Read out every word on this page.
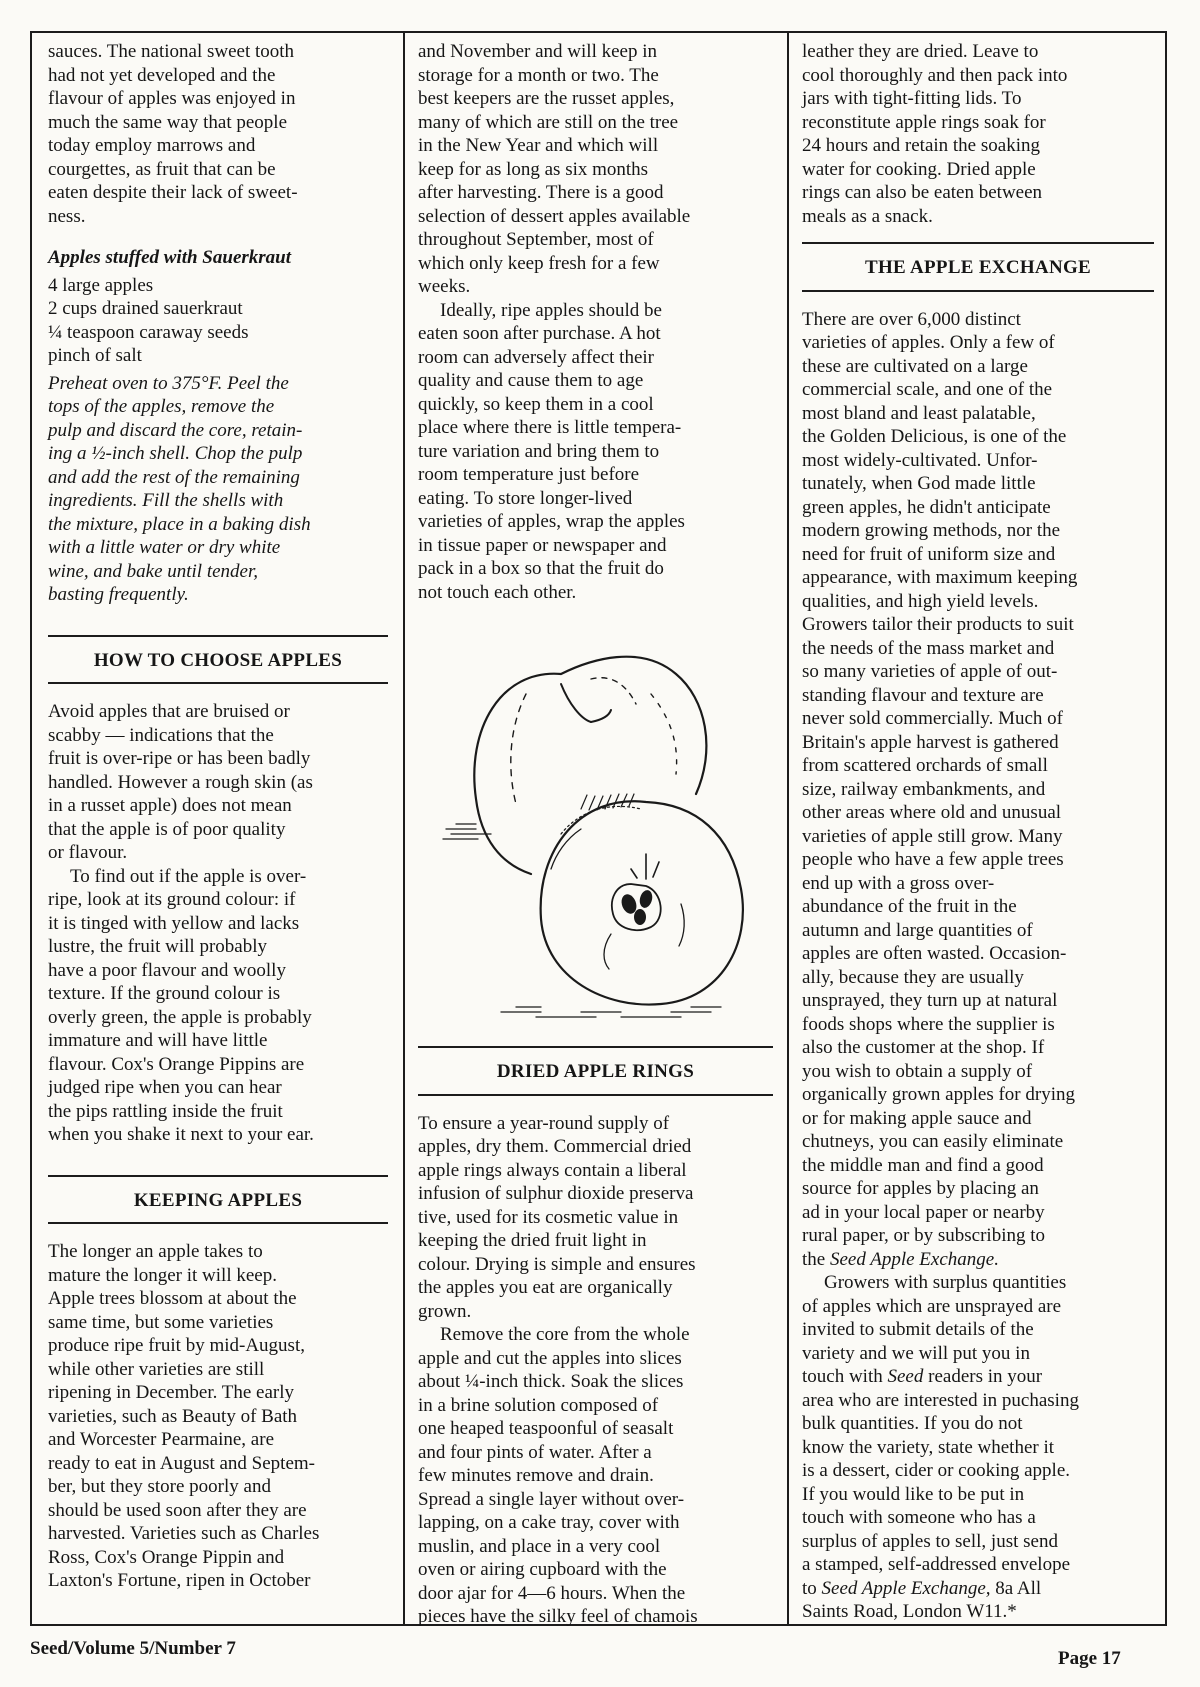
sauces. The national sweet tooth
had not yet developed and the
flavour of apples was enjoyed in
much the same way that people
today employ marrows and
courgettes, as fruit that can be
eaten despite their lack of sweet-
ness.

Apples stuffed with Sauerkraut

4 large apples
2 cups drained sauerkraut
¼ teaspoon caraway seeds
pinch of salt
Preheat oven to 375°F. Peel the
tops of the apples, remove the
pulp and discard the core, retain-
ing a ½-inch shell. Chop the pulp
and add the rest of the remaining
ingredients. Fill the shells with
the mixture, place in a baking dish
with a little water or dry white
wine, and bake until tender,
basting frequently.
HOW TO CHOOSE APPLES
Avoid apples that are bruised or
scabby — indications that the
fruit is over-ripe or has been badly
handled. However a rough skin (as
in a russet apple) does not mean
that the apple is of poor quality
or flavour.
To find out if the apple is over-
ripe, look at its ground colour: if
it is tinged with yellow and lacks
lustre, the fruit will probably
have a poor flavour and woolly
texture. If the ground colour is
overly green, the apple is probably
immature and will have little
flavour. Cox's Orange Pippins are
judged ripe when you can hear
the pips rattling inside the fruit
when you shake it next to your ear.
KEEPING APPLES
The longer an apple takes to
mature the longer it will keep.
Apple trees blossom at about the
same time, but some varieties
produce ripe fruit by mid-August,
while other varieties are still
ripening in December. The early
varieties, such as Beauty of Bath
and Worcester Pearmaine, are
ready to eat in August and Septem-
ber, but they store poorly and
should be used soon after they are
harvested. Varieties such as Charles
Ross, Cox's Orange Pippin and
Laxton's Fortune, ripen in October
and November and will keep in
storage for a month or two. The
best keepers are the russet apples,
many of which are still on the tree
in the New Year and which will
keep for as long as six months
after harvesting. There is a good
selection of dessert apples available
throughout September, most of
which only keep fresh for a few
weeks.
Ideally, ripe apples should be
eaten soon after purchase. A hot
room can adversely affect their
quality and cause them to age
quickly, so keep them in a cool
place where there is little tempera-
ture variation and bring them to
room temperature just before
eating. To store longer-lived
varieties of apples, wrap the apples
in tissue paper or newspaper and
pack in a box so that the fruit do
not touch each other.
DRIED APPLE RINGS
To ensure a year-round supply of
apples, dry them. Commercial dried
apple rings always contain a liberal
infusion of sulphur dioxide preserva
tive, used for its cosmetic value in
keeping the dried fruit light in
colour. Drying is simple and ensures
the apples you eat are organically
grown.
Remove the core from the whole
apple and cut the apples into slices
about ¼-inch thick. Soak the slices
in a brine solution composed of
one heaped teaspoonful of seasalt
and four pints of water. After a
few minutes remove and drain.
Spread a single layer without over-
lapping, on a cake tray, cover with
muslin, and place in a very cool
oven or airing cupboard with the
door ajar for 4—6 hours. When the
pieces have the silky feel of chamois
leather they are dried. Leave to
cool thoroughly and then pack into
jars with tight-fitting lids. To
reconstitute apple rings soak for
24 hours and retain the soaking
water for cooking. Dried apple
rings can also be eaten between
meals as a snack.
THE APPLE EXCHANGE
There are over 6,000 distinct
varieties of apples. Only a few of
these are cultivated on a large
commercial scale, and one of the
most bland and least palatable,
the Golden Delicious, is one of the
most widely-cultivated. Unfor-
tunately, when God made little
green apples, he didn't anticipate
modern growing methods, nor the
need for fruit of uniform size and
appearance, with maximum keeping
qualities, and high yield levels.
Growers tailor their products to suit
the needs of the mass market and
so many varieties of apple of out-
standing flavour and texture are
never sold commercially. Much of
Britain's apple harvest is gathered
from scattered orchards of small
size, railway embankments, and
other areas where old and unusual
varieties of apple still grow. Many
people who have a few apple trees
end up with a gross over-
abundance of the fruit in the
autumn and large quantities of
apples are often wasted. Occasion-
ally, because they are usually
unsprayed, they turn up at natural
foods shops where the supplier is
also the customer at the shop. If
you wish to obtain a supply of
organically grown apples for drying
or for making apple sauce and
chutneys, you can easily eliminate
the middle man and find a good
source for apples by placing an
ad in your local paper or nearby
rural paper, or by subscribing to

the Seed Apple Exchange.

Growers with surplus quantities

of apples which are unsprayed are

invited to submit details of the

variety and we will put you in

touch with Seed readers in your

area who are interested in puchasing
bulk quantities. If you do not
know the variety, state whether it
is a dessert, cider or cooking apple.
If you would like to be put in
touch with someone who has a
surplus of apples to sell, just send
a stamped, self-addressed envelope

to Seed Apple Exchange, 8a All

Saints Road, London W11.*

Seed/Volume 5/Number 7	Page 17
